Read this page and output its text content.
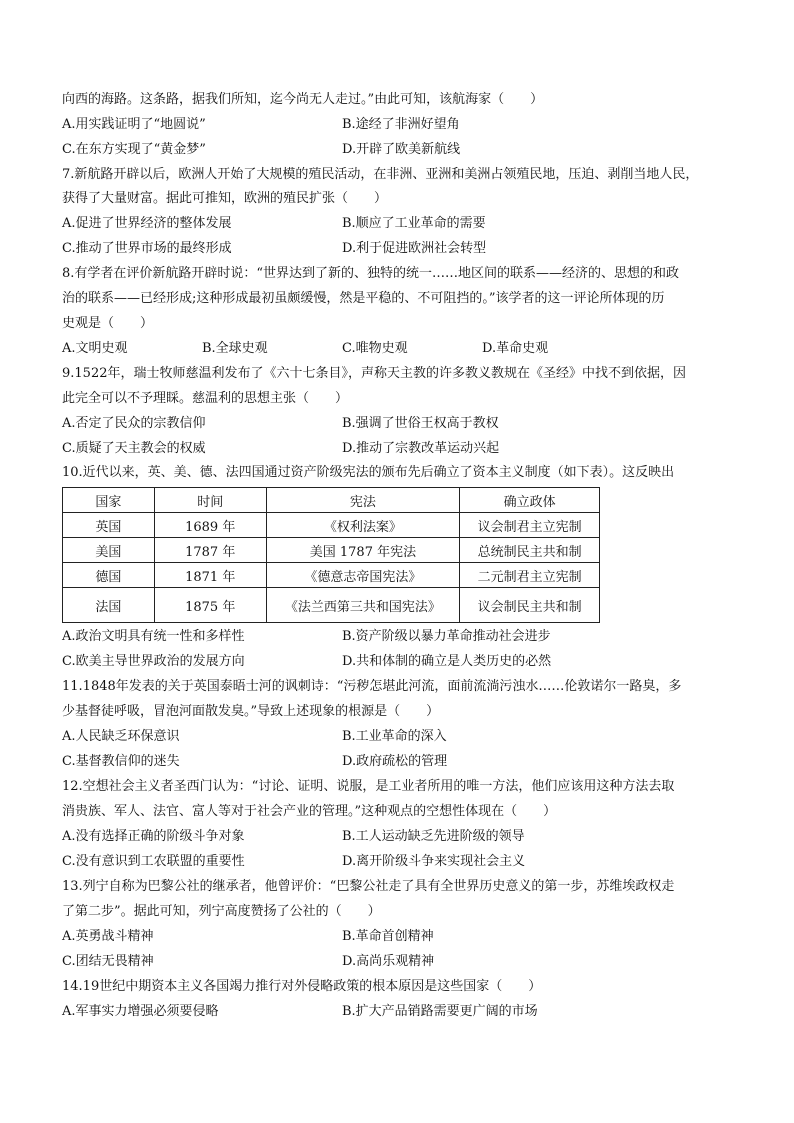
向西的海路。这条路，据我们所知，迄今尚无人走过。”由此可知，该航海家（　　）
A.用实践证明了“地圆说”	B.途经了非洲好望角
C.在东方实现了“黄金梦”	D.开辟了欧美新航线
7.新航路开辟以后，欧洲人开始了大规模的殖民活动，在非洲、亚洲和美洲占领殖民地，压迫、剥削当地人民，
获得了大量财富。据此可推知，欧洲的殖民扩张（　　）
A.促进了世界经济的整体发展	B.顺应了工业革命的需要
C.推动了世界市场的最终形成	D.利于促进欧洲社会转型
8.有学者在评价新航路开辟时说：“世界达到了新的、独特的统一……地区间的联系——经济的、思想的和政
治的联系——已经形成;这种形成最初虽颇缓慢，然是平稳的、不可阻挡的。”该学者的这一评论所体现的历
史观是（　　）
A.文明史观	B.全球史观	C.唯物史观	D.革命史观
9.1522年，瑞士牧师慈温利发布了《六十七条目》，声称天主教的许多教义教规在《圣经》中找不到依据，因
此完全可以不予理睬。慈温利的思想主张（　　）
A.否定了民众的宗教信仰	B.强调了世俗王权高于教权
C.质疑了天主教会的权威	D.推动了宗教改革运动兴起
10.近代以来，英、美、德、法四国通过资产阶级宪法的颁布先后确立了资本主义制度（如下表）。这反映出
国家	时间	宪法	确立政体
英国	1689 年	《权利法案》	议会制君主立宪制
美国	1787 年	美国 1787 年宪法	总统制民主共和制
德国	1871 年	《德意志帝国宪法》	二元制君主立宪制
法国	1875 年	《法兰西第三共和国宪法》	议会制民主共和制
A.政治文明具有统一性和多样性	B.资产阶级以暴力革命推动社会进步
C.欧美主导世界政治的发展方向	D.共和体制的确立是人类历史的必然
11.1848年发表的关于英国泰晤士河的讽刺诗：“污秽怎堪此河流，面前流淌污浊水……伦敦诺尔一路臭，多
少基督徒呼吸，冒泡河面散发臭。”导致上述现象的根源是（　　）
A.人民缺乏环保意识	B.工业革命的深入
C.基督教信仰的迷失	D.政府疏松的管理
12.空想社会主义者圣西门认为：“讨论、证明、说服，是工业者所用的唯一方法，他们应该用这种方法去取
消贵族、军人、法官、富人等对于社会产业的管理。”这种观点的空想性体现在（　　）
A.没有选择正确的阶级斗争对象	B.工人运动缺乏先进阶级的领导
C.没有意识到工农联盟的重要性	D.离开阶级斗争来实现社会主义
13.列宁自称为巴黎公社的继承者，他曾评价：“巴黎公社走了具有全世界历史意义的第一步，苏维埃政权走
了第二步”。据此可知，列宁高度赞扬了公社的（　　）
A.英勇战斗精神	B.革命首创精神
C.团结无畏精神	D.高尚乐观精神
14.19世纪中期资本主义各国竭力推行对外侵略政策的根本原因是这些国家（　　）
A.军事实力增强必须要侵略	B.扩大产品销路需要更广阔的市场
